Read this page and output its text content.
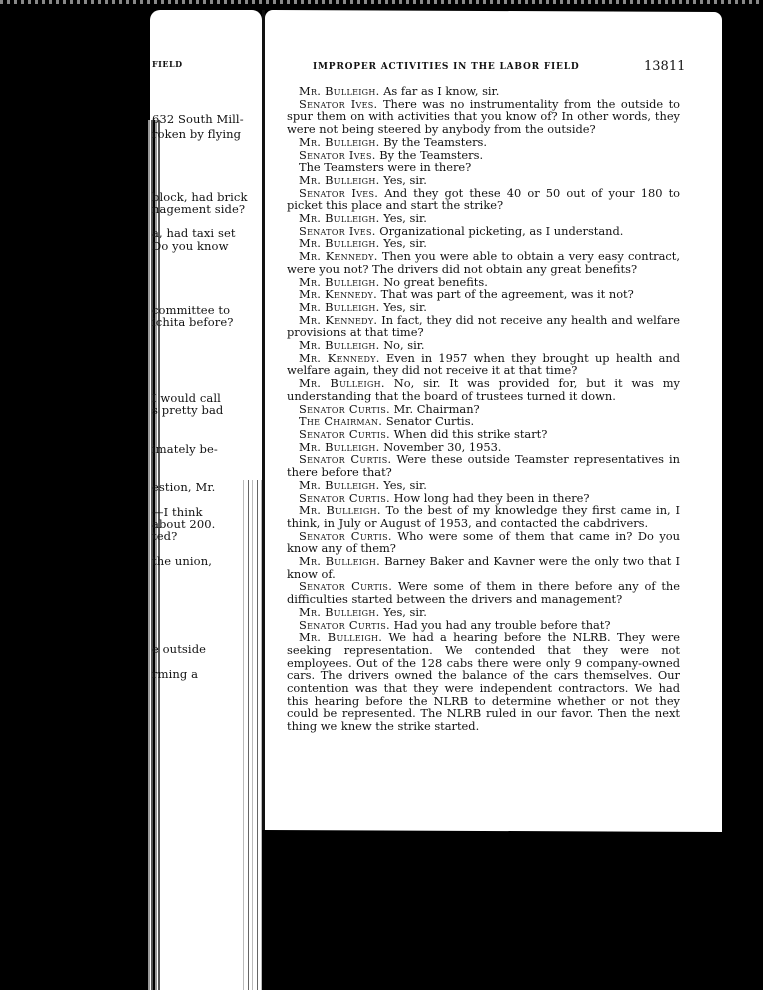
FIELD
632 South Mill-
roken by flying
block, had brick
nagement side?
a, had taxi set
Do you know
committee to
ichita before?
I would call
s pretty bad
imately be-
estion, Mr.
—I think
about 200.
ted?
the union,
e outside
rming a
IMPROPER ACTIVITIES IN THE LABOR FIELD	13811

Mr. Bulleigh. As far as I know, sir.

Senator Ives. There was no instrumentality from the outside to spur them on with activities that you know of? In other words, they were not being steered by anybody from the outside?

Mr. Bulleigh. By the Teamsters.

Senator Ives. By the Teamsters.

The Teamsters were in there?

Mr. Bulleigh. Yes, sir.

Senator Ives. And they got these 40 or 50 out of your 180 to picket this place and start the strike?

Mr. Bulleigh. Yes, sir.

Senator Ives. Organizational picketing, as I understand.

Mr. Bulleigh. Yes, sir.

Mr. Kennedy. Then you were able to obtain a very easy contract, were you not? The drivers did not obtain any great benefits?

Mr. Bulleigh. No great benefits.

Mr. Kennedy. That was part of the agreement, was it not?

Mr. Bulleigh. Yes, sir.

Mr. Kennedy. In fact, they did not receive any health and welfare provisions at that time?

Mr. Bulleigh. No, sir.

Mr. Kennedy. Even in 1957 when they brought up health and welfare again, they did not receive it at that time?

Mr. Bulleigh. No, sir. It was provided for, but it was my understanding that the board of trustees turned it down.

Senator Curtis. Mr. Chairman?

The Chairman. Senator Curtis.

Senator Curtis. When did this strike start?

Mr. Bulleigh. November 30, 1953.

Senator Curtis. Were these outside Teamster representatives in there before that?

Mr. Bulleigh. Yes, sir.

Senator Curtis. How long had they been in there?

Mr. Bulleigh. To the best of my knowledge they first came in, I think, in July or August of 1953, and contacted the cabdrivers.

Senator Curtis. Who were some of them that came in? Do you know any of them?

Mr. Bulleigh. Barney Baker and Kavner were the only two that I know of.

Senator Curtis. Were some of them in there before any of the difficulties started between the drivers and management?

Mr. Bulleigh. Yes, sir.

Senator Curtis. Had you had any trouble before that?

Mr. Bulleigh. We had a hearing before the NLRB. They were seeking representation. We contended that they were not employees. Out of the 128 cabs there were only 9 company-owned cars. The drivers owned the balance of the cars themselves. Our contention was that they were independent contractors. We had this hearing before the NLRB to determine whether or not they could be represented. The NLRB ruled in our favor. Then the next thing we knew the strike started.
